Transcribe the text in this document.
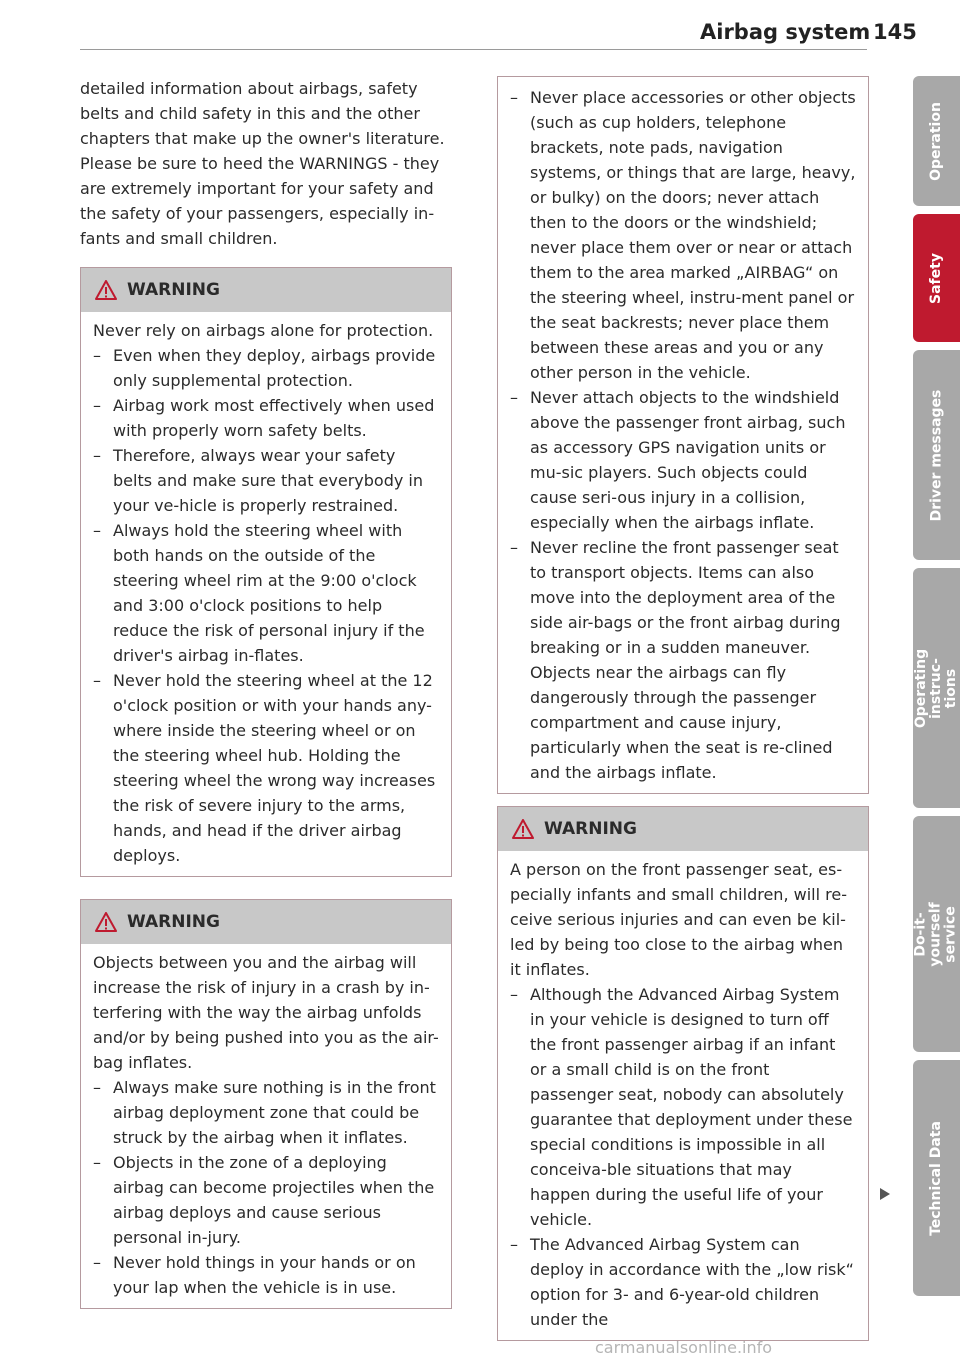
Airbag system 145

detailed information about airbags, safety belts and child safety in this and the other chapters that make up the owner's literature. Please be sure to heed the WARNINGS - they are extremely important for your safety and the safety of your passengers, especially in-fants and small children.

WARNING

Never rely on airbags alone for protection.

– Even when they deploy, airbags provide only supplemental protection.
– Airbag work most effectively when used with properly worn safety belts.
– Therefore, always wear your safety belts and make sure that everybody in your ve-hicle is properly restrained.
– Always hold the steering wheel with both hands on the outside of the steering wheel rim at the 9:00 o'clock and 3:00 o'clock positions to help reduce the risk of personal injury if the driver's airbag in-flates.
– Never hold the steering wheel at the 12 o'clock position or with your hands any-where inside the steering wheel or on the steering wheel hub. Holding the steering wheel the wrong way increases the risk of severe injury to the arms, hands, and head if the driver airbag deploys.
WARNING

Objects between you and the airbag will increase the risk of injury in a crash by in-terfering with the way the airbag unfolds and/or by being pushed into you as the air-bag inflates.

– Always make sure nothing is in the front airbag deployment zone that could be struck by the airbag when it inflates.
– Objects in the zone of a deploying airbag can become projectiles when the airbag deploys and cause serious personal in-jury.
– Never hold things in your hands or on your lap when the vehicle is in use.
– Never place accessories or other objects (such as cup holders, telephone brackets, note pads, navigation systems, or things that are large, heavy, or bulky) on the doors; never attach then to the doors or the windshield; never place them over or near or attach them to the area marked „AIRBAG“ on the steering wheel, instru-ment panel or the seat backrests; never place them between these areas and you or any other person in the vehicle.
– Never attach objects to the windshield above the passenger front airbag, such as accessory GPS navigation units or mu-sic players. Such objects could cause seri-ous injury in a collision, especially when the airbags inflate.
– Never recline the front passenger seat to transport objects. Items can also move into the deployment area of the side air-bags or the front airbag during breaking or in a sudden maneuver. Objects near the airbags can fly dangerously through the passenger compartment and cause injury, particularly when the seat is re-clined and the airbags inflate.
WARNING

A person on the front passenger seat, es-pecially infants and small children, will re-ceive serious injuries and can even be kil-led by being too close to the airbag when it inflates.

– Although the Advanced Airbag System in your vehicle is designed to turn off the front passenger airbag if an infant or a small child is on the front passenger seat, nobody can absolutely guarantee that deployment under these special conditions is impossible in all conceiva-ble situations that may happen during the useful life of your vehicle.
– The Advanced Airbag System can deploy in accordance with the „low risk“ option for 3- and 6-year-old children under the
Operation
Safety
Driver messages
Operating instruc- tions
Do-it-yourself service
Technical Data
carmanualsonline.info
